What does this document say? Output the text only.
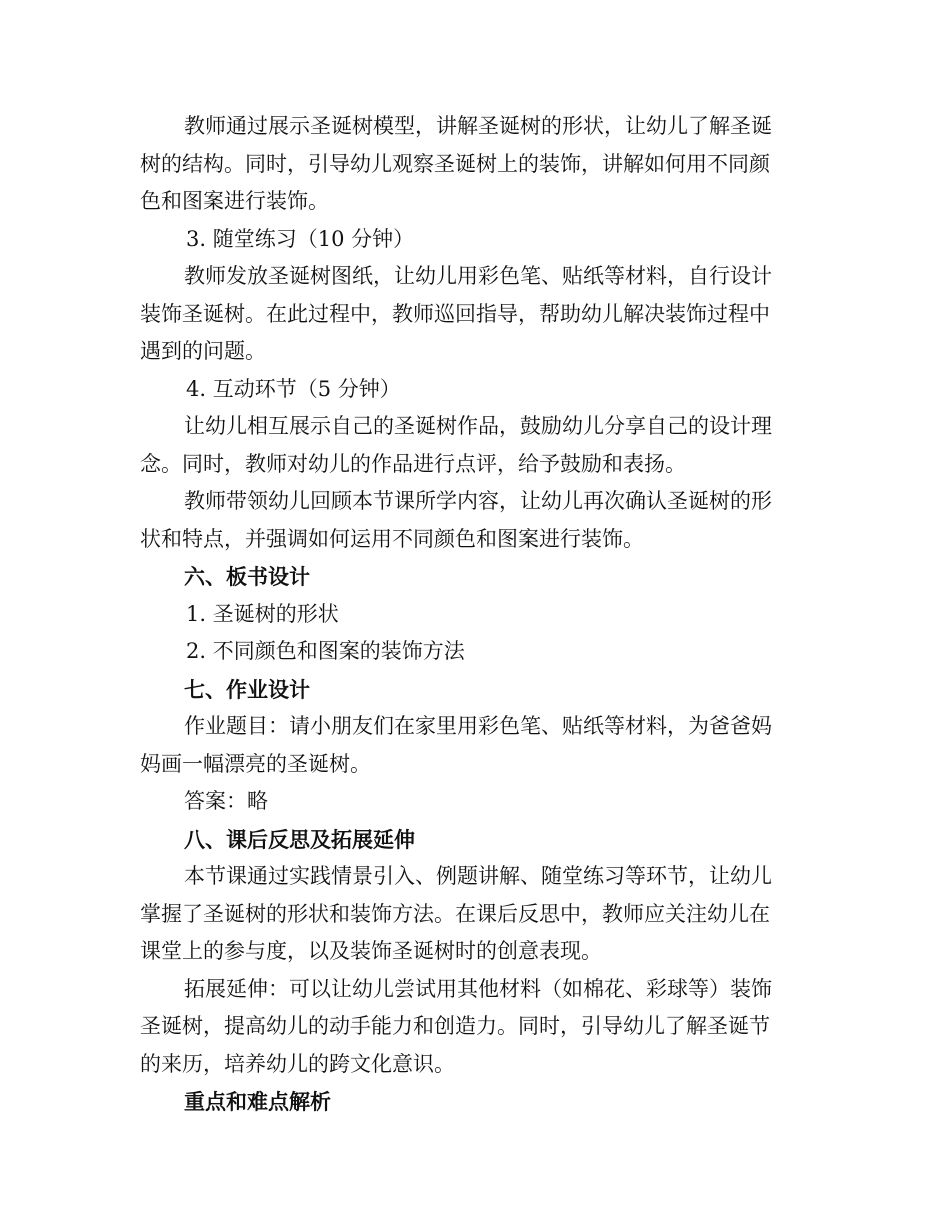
教师通过展示圣诞树模型，讲解圣诞树的形状，让幼儿了解圣诞

树的结构。同时，引导幼儿观察圣诞树上的装饰，讲解如何用不同颜

色和图案进行装饰。

3. 随堂练习（10 分钟）

教师发放圣诞树图纸，让幼儿用彩色笔、贴纸等材料，自行设计

装饰圣诞树。在此过程中，教师巡回指导，帮助幼儿解决装饰过程中

遇到的问题。

4. 互动环节（5 分钟）

让幼儿相互展示自己的圣诞树作品，鼓励幼儿分享自己的设计理

念。同时，教师对幼儿的作品进行点评，给予鼓励和表扬。

教师带领幼儿回顾本节课所学内容，让幼儿再次确认圣诞树的形

状和特点，并强调如何运用不同颜色和图案进行装饰。

六、板书设计

1. 圣诞树的形状

2. 不同颜色和图案的装饰方法

七、作业设计

作业题目：请小朋友们在家里用彩色笔、贴纸等材料，为爸爸妈

妈画一幅漂亮的圣诞树。

答案：略

八、课后反思及拓展延伸

本节课通过实践情景引入、例题讲解、随堂练习等环节，让幼儿

掌握了圣诞树的形状和装饰方法。在课后反思中，教师应关注幼儿在

课堂上的参与度，以及装饰圣诞树时的创意表现。

拓展延伸：可以让幼儿尝试用其他材料（如棉花、彩球等）装饰

圣诞树，提高幼儿的动手能力和创造力。同时，引导幼儿了解圣诞节

的来历，培养幼儿的跨文化意识。

重点和难点解析
